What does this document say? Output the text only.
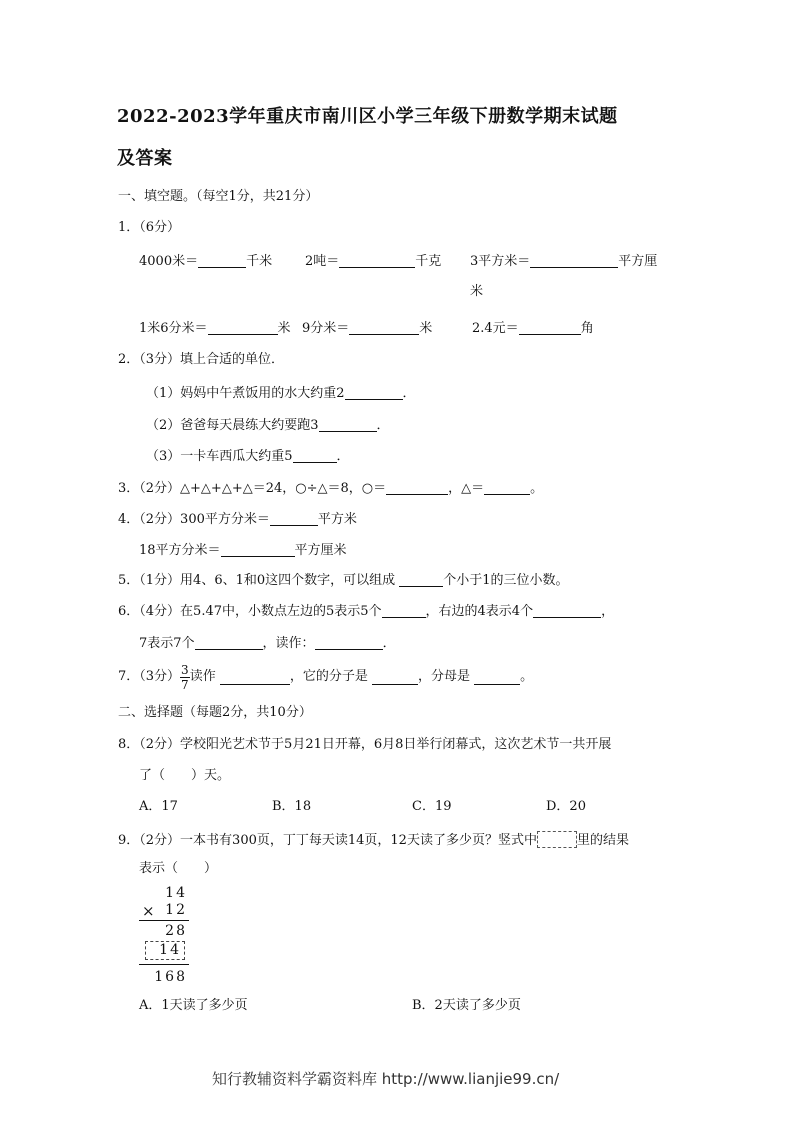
2022-2023学年重庆市南川区小学三年级下册数学期末试题
及答案
一、填空题。（每空1分，共21分）
1．（6分）
4000米＝	千米	2吨＝	千克 3平方米＝	平方厘
米
1米6分米＝	米 9分米＝	米	2.4元＝	角
2．（3分）填上合适的单位．
（1）妈妈中午煮饭用的水大约重2	．
（2）爸爸每天晨练大约要跑3	．
（3）一卡车西瓜大约重5	．
3．（2分）△+△+△+△＝24，○÷△＝8，○＝	，△＝	。
4．（2分）300平方分米＝	平方米
18平方分米＝	平方厘米
5．（1分）用4、6、1和0这四个数字，可以组成	个小于1的三位小数。
6．（4分）在5.47中，小数点左边的5表示5个	，右边的4表示4个	，
7表示7个	，读作：	．
7．（3分） $\frac{3}{7}$ 读作	，它的分子是	，分母是	。
二、选择题（每题2分，共10分）
8．（2分）学校阳光艺术节于5月21日开幕，6月8日举行闭幕式，这次艺术节一共开展
了（　　）天。
A．17	B．18	C．19	D．20
9．（2分）一本书有300页，丁丁每天读14页，12天读了多少页？竖式中	里的结果
表示（　　）
14
× 12
28
14
168
A．1天读了多少页	B．2天读了多少页
知行教辅资料学霸资料库 http://www.lianjie99.cn/
